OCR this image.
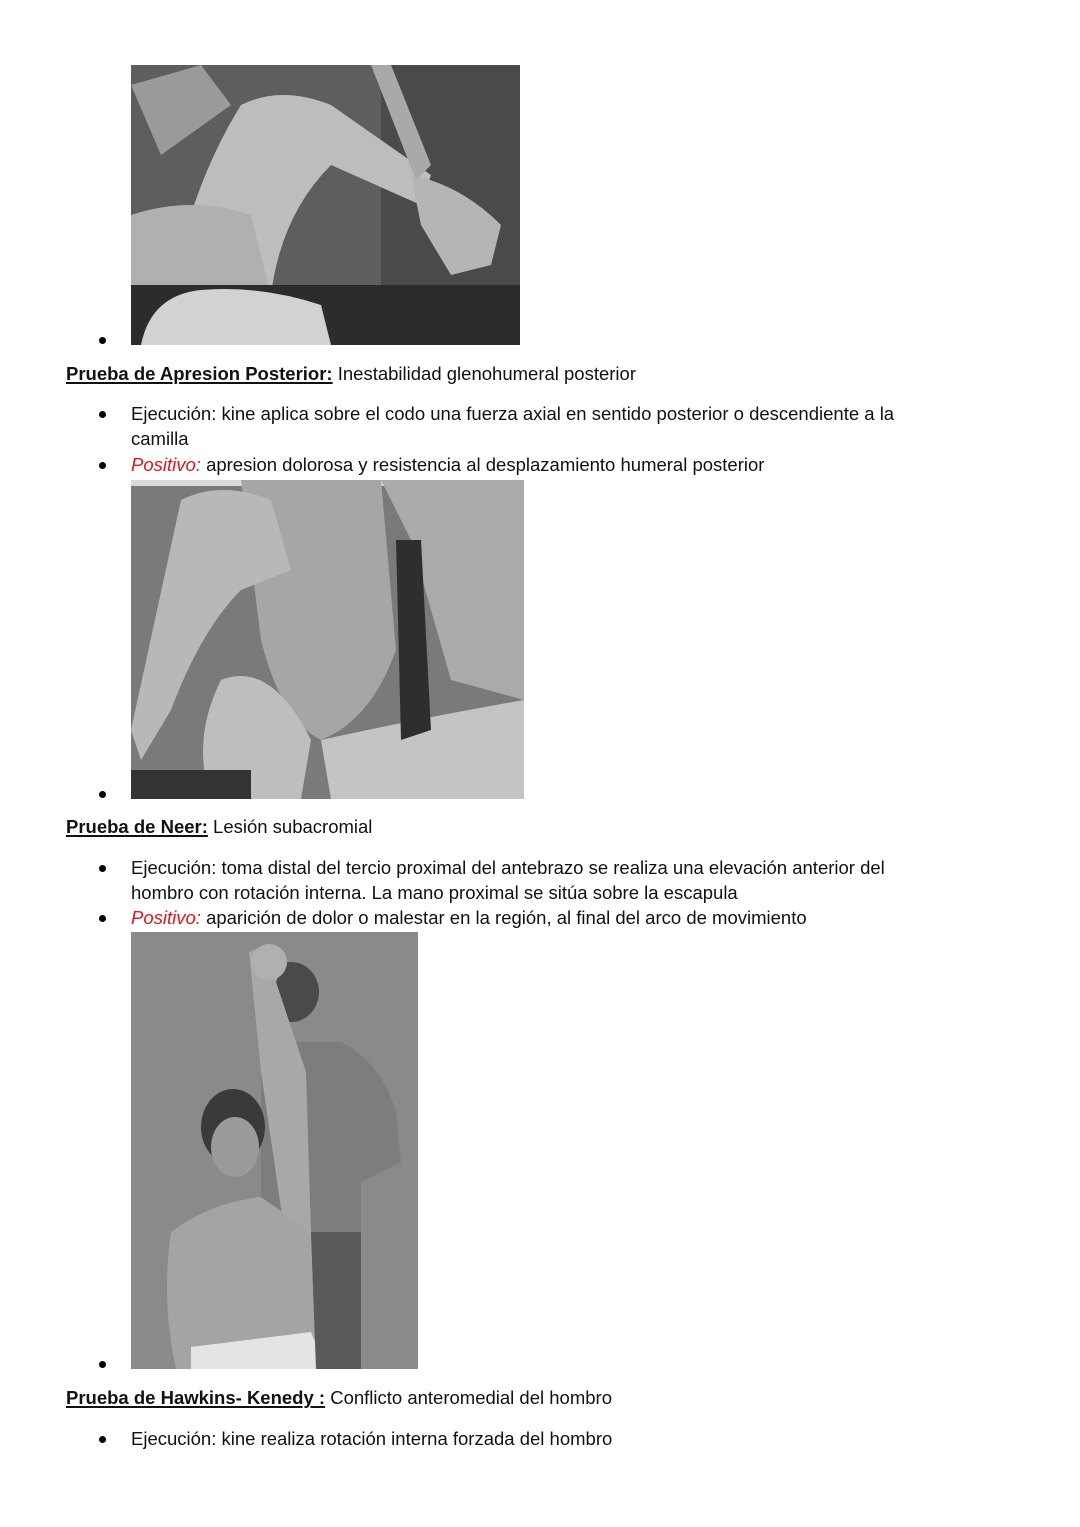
Prueba de Apresion Posterior: Inestabilidad glenohumeral posterior
Ejecución: kine aplica sobre el codo una fuerza axial en sentido posterior o descendiente a la
camilla
Positivo: apresion dolorosa y resistencia al desplazamiento humeral posterior
Prueba de Neer: Lesión subacromial
Ejecución: toma distal del tercio proximal del antebrazo se realiza una elevación anterior del
hombro con rotación interna. La mano proximal se sitúa sobre la escapula
Positivo: aparición de dolor o malestar en la región, al final del arco de movimiento
Prueba de Hawkins- Kenedy : Conflicto anteromedial del hombro
Ejecución: kine realiza rotación interna forzada del hombro
